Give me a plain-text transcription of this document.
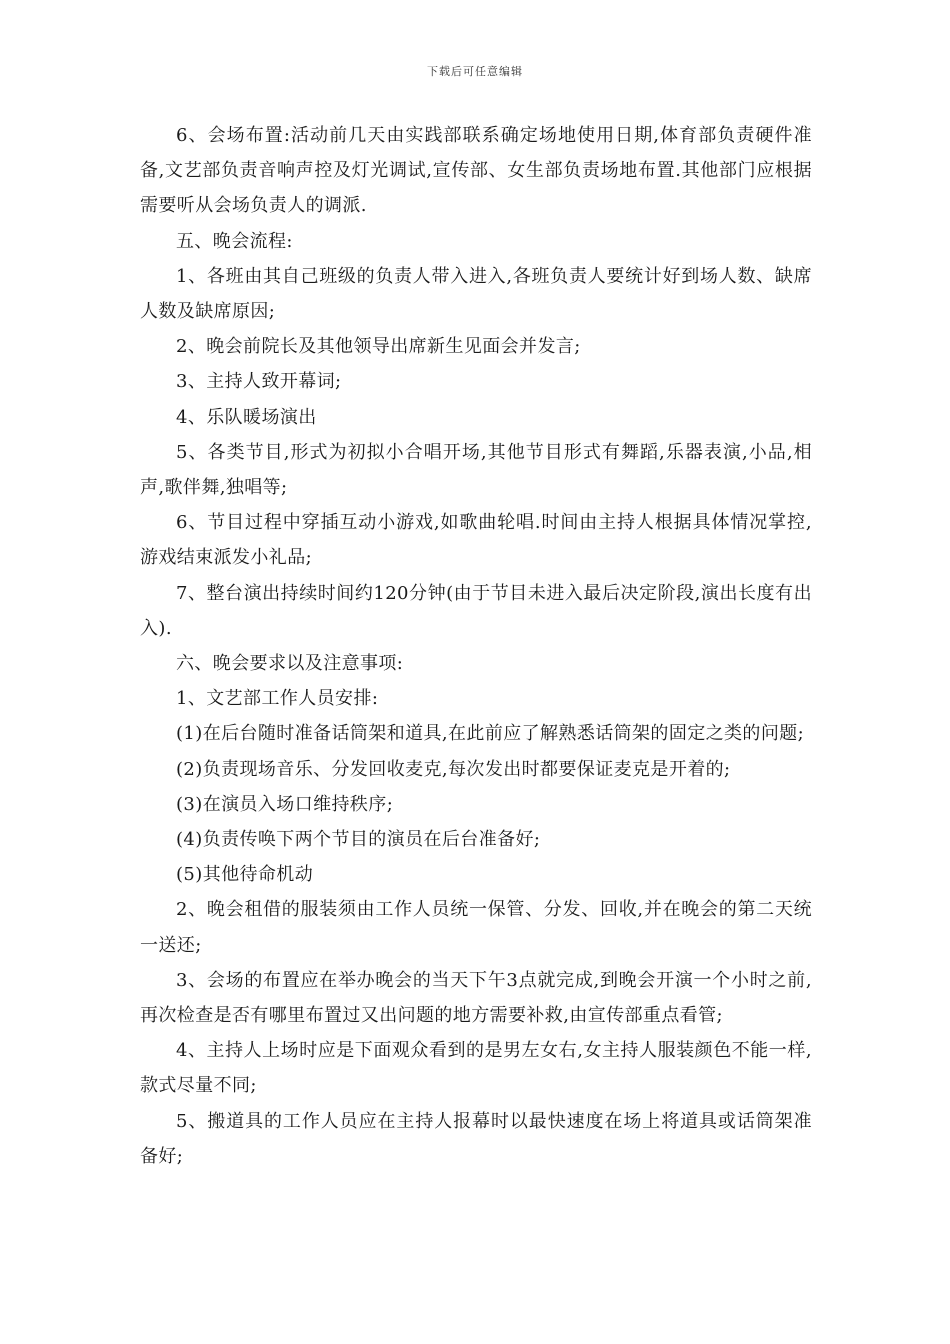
下载后可任意编辑

6、会场布置:活动前几天由实践部联系确定场地使用日期,体育部负责硬件准备,文艺部负责音响声控及灯光调试,宣传部、女生部负责场地布置.其他部门应根据需要听从会场负责人的调派.

五、晚会流程:

1、各班由其自己班级的负责人带入进入,各班负责人要统计好到场人数、缺席人数及缺席原因;

2、晚会前院长及其他领导出席新生见面会并发言;

3、主持人致开幕词;

4、乐队暖场演出

5、各类节目,形式为初拟小合唱开场,其他节目形式有舞蹈,乐器表演,小品,相声,歌伴舞,独唱等;

6、节目过程中穿插互动小游戏,如歌曲轮唱.时间由主持人根据具体情况掌控,游戏结束派发小礼品;

7、整台演出持续时间约120分钟(由于节目未进入最后决定阶段,演出长度有出入).

六、晚会要求以及注意事项:

1、文艺部工作人员安排:

(1)在后台随时准备话筒架和道具,在此前应了解熟悉话筒架的固定之类的问题;

(2)负责现场音乐、分发回收麦克,每次发出时都要保证麦克是开着的;

(3)在演员入场口维持秩序;

(4)负责传唤下两个节目的演员在后台准备好;

(5)其他待命机动

2、晚会租借的服装须由工作人员统一保管、分发、回收,并在晚会的第二天统一送还;

3、会场的布置应在举办晚会的当天下午3点就完成,到晚会开演一个小时之前,再次检查是否有哪里布置过又出问题的地方需要补救,由宣传部重点看管;

4、主持人上场时应是下面观众看到的是男左女右,女主持人服装颜色不能一样,款式尽量不同;

5、搬道具的工作人员应在主持人报幕时以最快速度在场上将道具或话筒架准备好;
